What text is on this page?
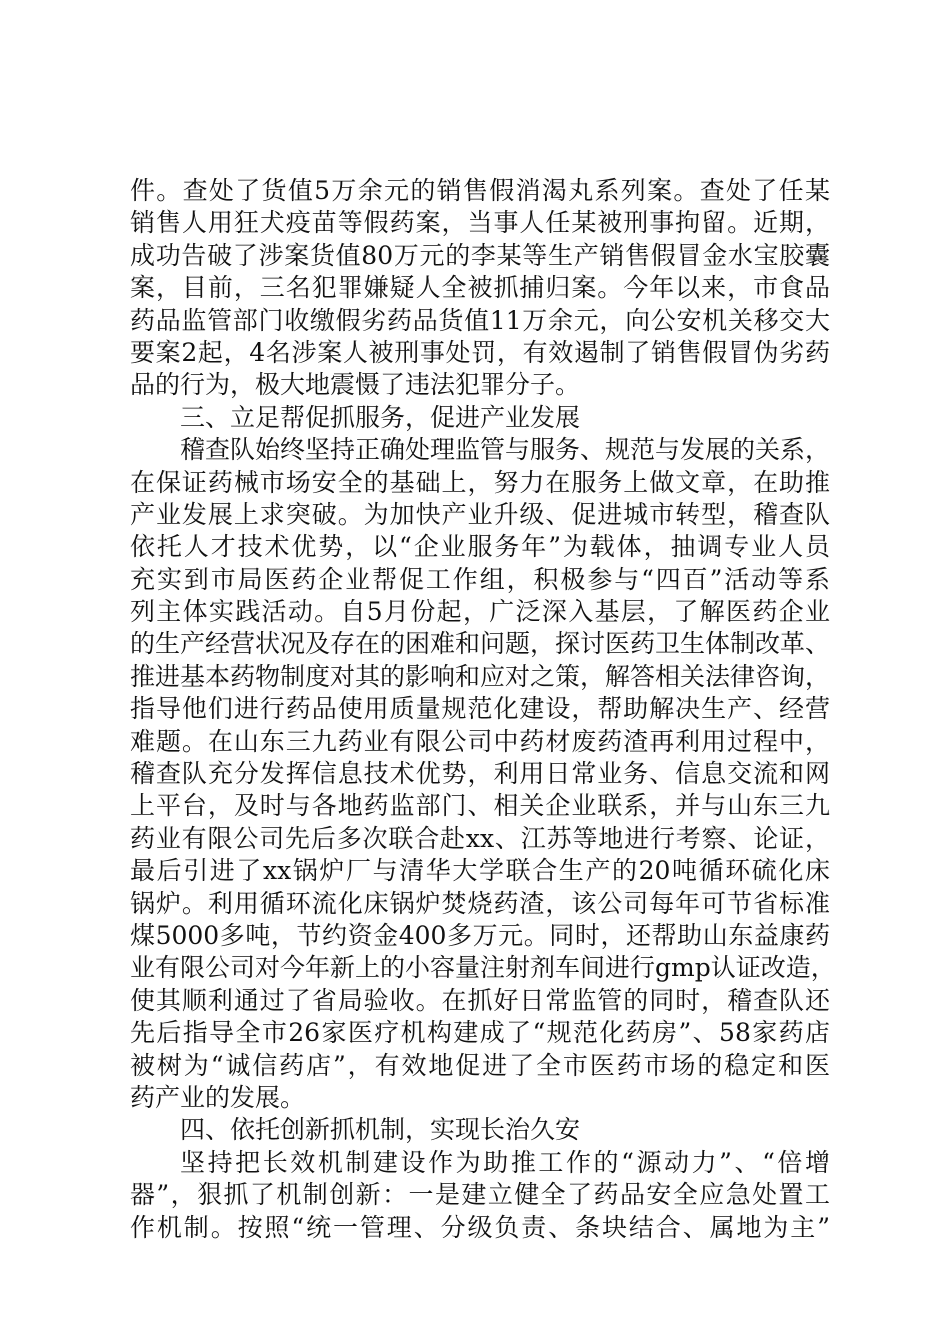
件。查处了货值5万余元的销售假消渴丸系列案。查处了任某
销售人用狂犬疫苗等假药案，当事人任某被刑事拘留。近期，
成功告破了涉案货值80万元的李某等生产销售假冒金水宝胶囊
案，目前，三名犯罪嫌疑人全被抓捕归案。今年以来，市食品
药品监管部门收缴假劣药品货值11万余元，向公安机关移交大
要案2起，4名涉案人被刑事处罚，有效遏制了销售假冒伪劣药
品的行为，极大地震慑了违法犯罪分子。
三、立足帮促抓服务，促进产业发展
稽查队始终坚持正确处理监管与服务、规范与发展的关系，
在保证药械市场安全的基础上，努力在服务上做文章，在助推
产业发展上求突破。为加快产业升级、促进城市转型，稽查队
依托人才技术优势，以“企业服务年”为载体，抽调专业人员
充实到市局医药企业帮促工作组，积极参与“四百”活动等系
列主体实践活动。自5月份起，广泛深入基层，了解医药企业
的生产经营状况及存在的困难和问题，探讨医药卫生体制改革、
推进基本药物制度对其的影响和应对之策，解答相关法律咨询，
指导他们进行药品使用质量规范化建设，帮助解决生产、经营
难题。在山东三九药业有限公司中药材废药渣再利用过程中，
稽查队充分发挥信息技术优势，利用日常业务、信息交流和网
上平台，及时与各地药监部门、相关企业联系，并与山东三九
药业有限公司先后多次联合赴xx、江苏等地进行考察、论证，
最后引进了xx锅炉厂与清华大学联合生产的20吨循环硫化床
锅炉。利用循环流化床锅炉焚烧药渣，该公司每年可节省标准
煤5000多吨，节约资金400多万元。同时，还帮助山东益康药
业有限公司对今年新上的小容量注射剂车间进行gmp认证改造，
使其顺利通过了省局验收。在抓好日常监管的同时，稽查队还
先后指导全市26家医疗机构建成了“规范化药房”、58家药店
被树为“诚信药店”，有效地促进了全市医药市场的稳定和医
药产业的发展。
四、依托创新抓机制，实现长治久安
坚持把长效机制建设作为助推工作的“源动力”、“倍增
器”，狠抓了机制创新：一是建立健全了药品安全应急处置工
作机制。按照“统一管理、分级负责、条块结合、属地为主”
